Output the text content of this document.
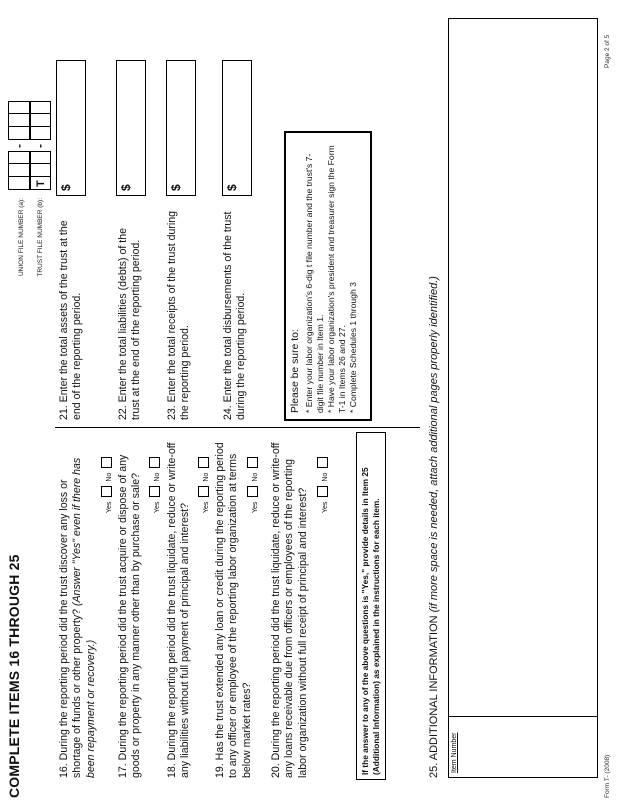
COMPLETE ITEMS 16 THROUGH 25
UNION FILE NUMBER (a): TRUST FILE NUMBER (b):
-
T
-
16. During the reporting period did the trust discover any loss or shortage of funds or other property? (Answer "Yes" even if there has been repayment or recovery.)
Yes  No
17. During the reporting period did the trust acquire or dispose of any goods or property in any manner other than by purchase or sale?	Yes  No
18. During the reporting period did the trust liquidate, reduce or write-off any liabilities without full payment of principal and interest?	Yes  No
19. Has the trust extended any loan or credit during the reporting period to any officer or employee of the reporting labor organization at terms below market rates?
Yes  No
20. During the reporting period did the trust liquidate, reduce or write-off any loans receivable due from officers or employees of the reporting labor organization without full receipt of principal and interest?	Yes  No	If the answer to any of the above questions is "Yes," provide details in Item 25 (Additional Information) as explained in the instructions for each item.
21. Enter the total assets of the trust at the end of the reporting period.
$
22. Enter the total liabilities (debts) of the trust at the end of the reporting period.
$
23. Enter the total receipts of the trust during the reporting period.
$
24. Enter the total disbursements of the trust during the reporting period.
$
Please be sure to: * Enter your labor organization's 6-dig t file number and the trust's 7-digit file number in Item 1. * Have your labor organization's president and treasurer sign the Form T-1 in Items 26 and 27. * Complete Schedules 1 through 3
25. ADDITIONAL INFORMATION (if more space is needed, attach additional pages properly identified.)
Item Number
Form T- (2008)
Page 2 of 5
